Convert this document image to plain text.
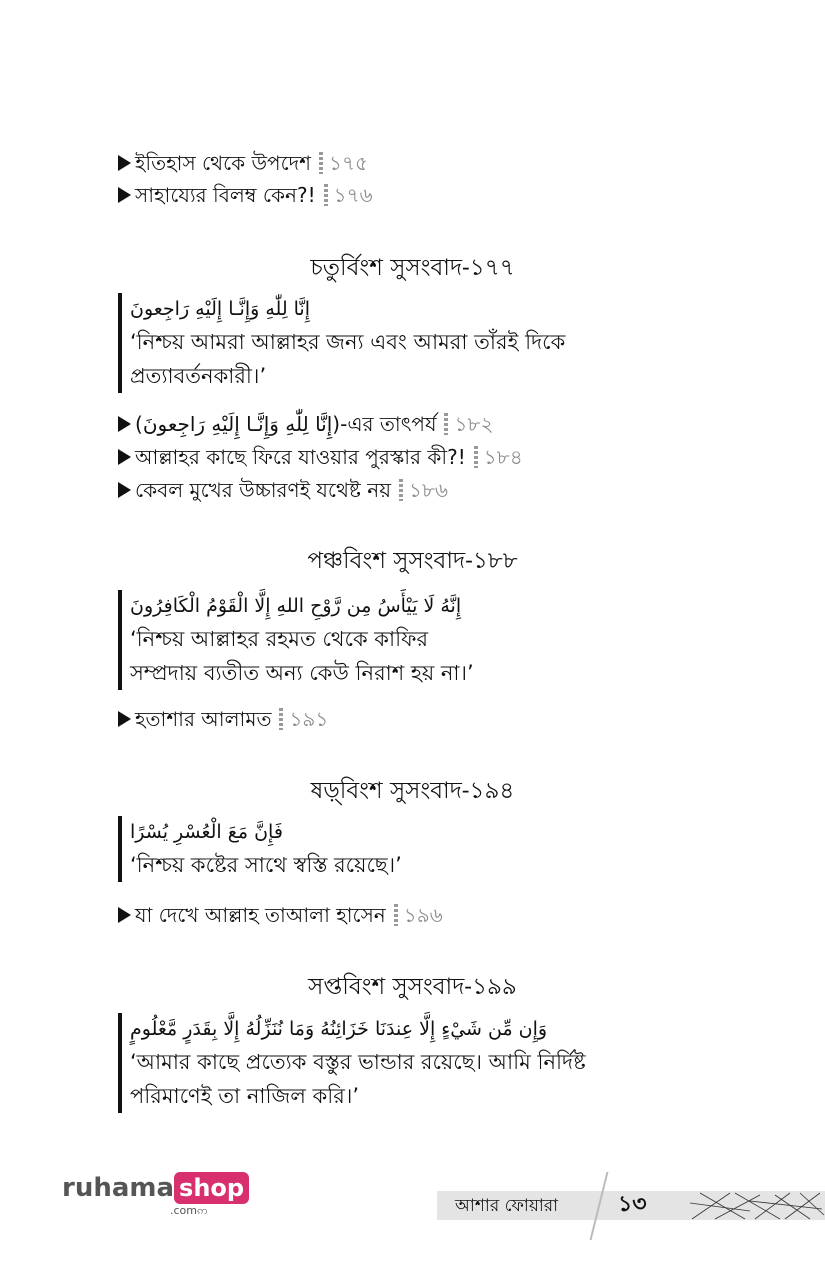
ইতিহাস থেকে উপদেশ ১৭৫
সাহায্যের বিলম্ব কেন?! ১৭৬
চতুর্বিংশ সুসংবাদ-১৭৭
إِنَّا لِلّٰهِ وَإِنَّـا إِلَيْهِ رَاجِعونَ
‘নিশ্চয় আমরা আল্লাহর জন্য এবং আমরা তাঁরই দিকে
প্রত্যাবর্তনকারী।’
(إِنَّا لِلّٰهِ وَإِنَّـا إِلَيْهِ رَاجِعونَ)-এর তাৎপর্য ১৮২
আল্লাহর কাছে ফিরে যাওয়ার পুরস্কার কী?! ১৮৪
কেবল মুখের উচ্চারণই যথেষ্ট নয় ১৮৬
পঞ্চবিংশ সুসংবাদ-১৮৮
إِنَّهُ لَا يَيْأَسُ مِن رَّوْحِ اللهِ إِلَّا الْقَوْمُ الْكَافِرُونَ
‘নিশ্চয় আল্লাহর রহমত থেকে কাফির
সম্প্রদায় ব্যতীত অন্য কেউ নিরাশ হয় না।’
হতাশার আলামত ১৯১
ষড়্‌বিংশ সুসংবাদ-১৯৪
فَإِنَّ مَعَ الْعُسْرِ يُسْرًا
‘নিশ্চয় কষ্টের সাথে স্বস্তি রয়েছে।’
যা দেখে আল্লাহ তাআলা হাসেন ১৯৬
সপ্তবিংশ সুসংবাদ-১৯৯
وَإِن مِّن شَيْءٍ إِلَّا عِندَنَا خَزَائِنُهُ وَمَا نُنَزِّلُهُ إِلَّا بِقَدَرٍ مَّعْلُومٍ
‘আমার কাছে প্রত্যেক বস্তুর ভান্ডার রয়েছে। আমি নির্দিষ্ট
পরিমাণেই তা নাজিল করি।’
ruhama shop
.comဢ	আশার ফোয়ারা	১৩
